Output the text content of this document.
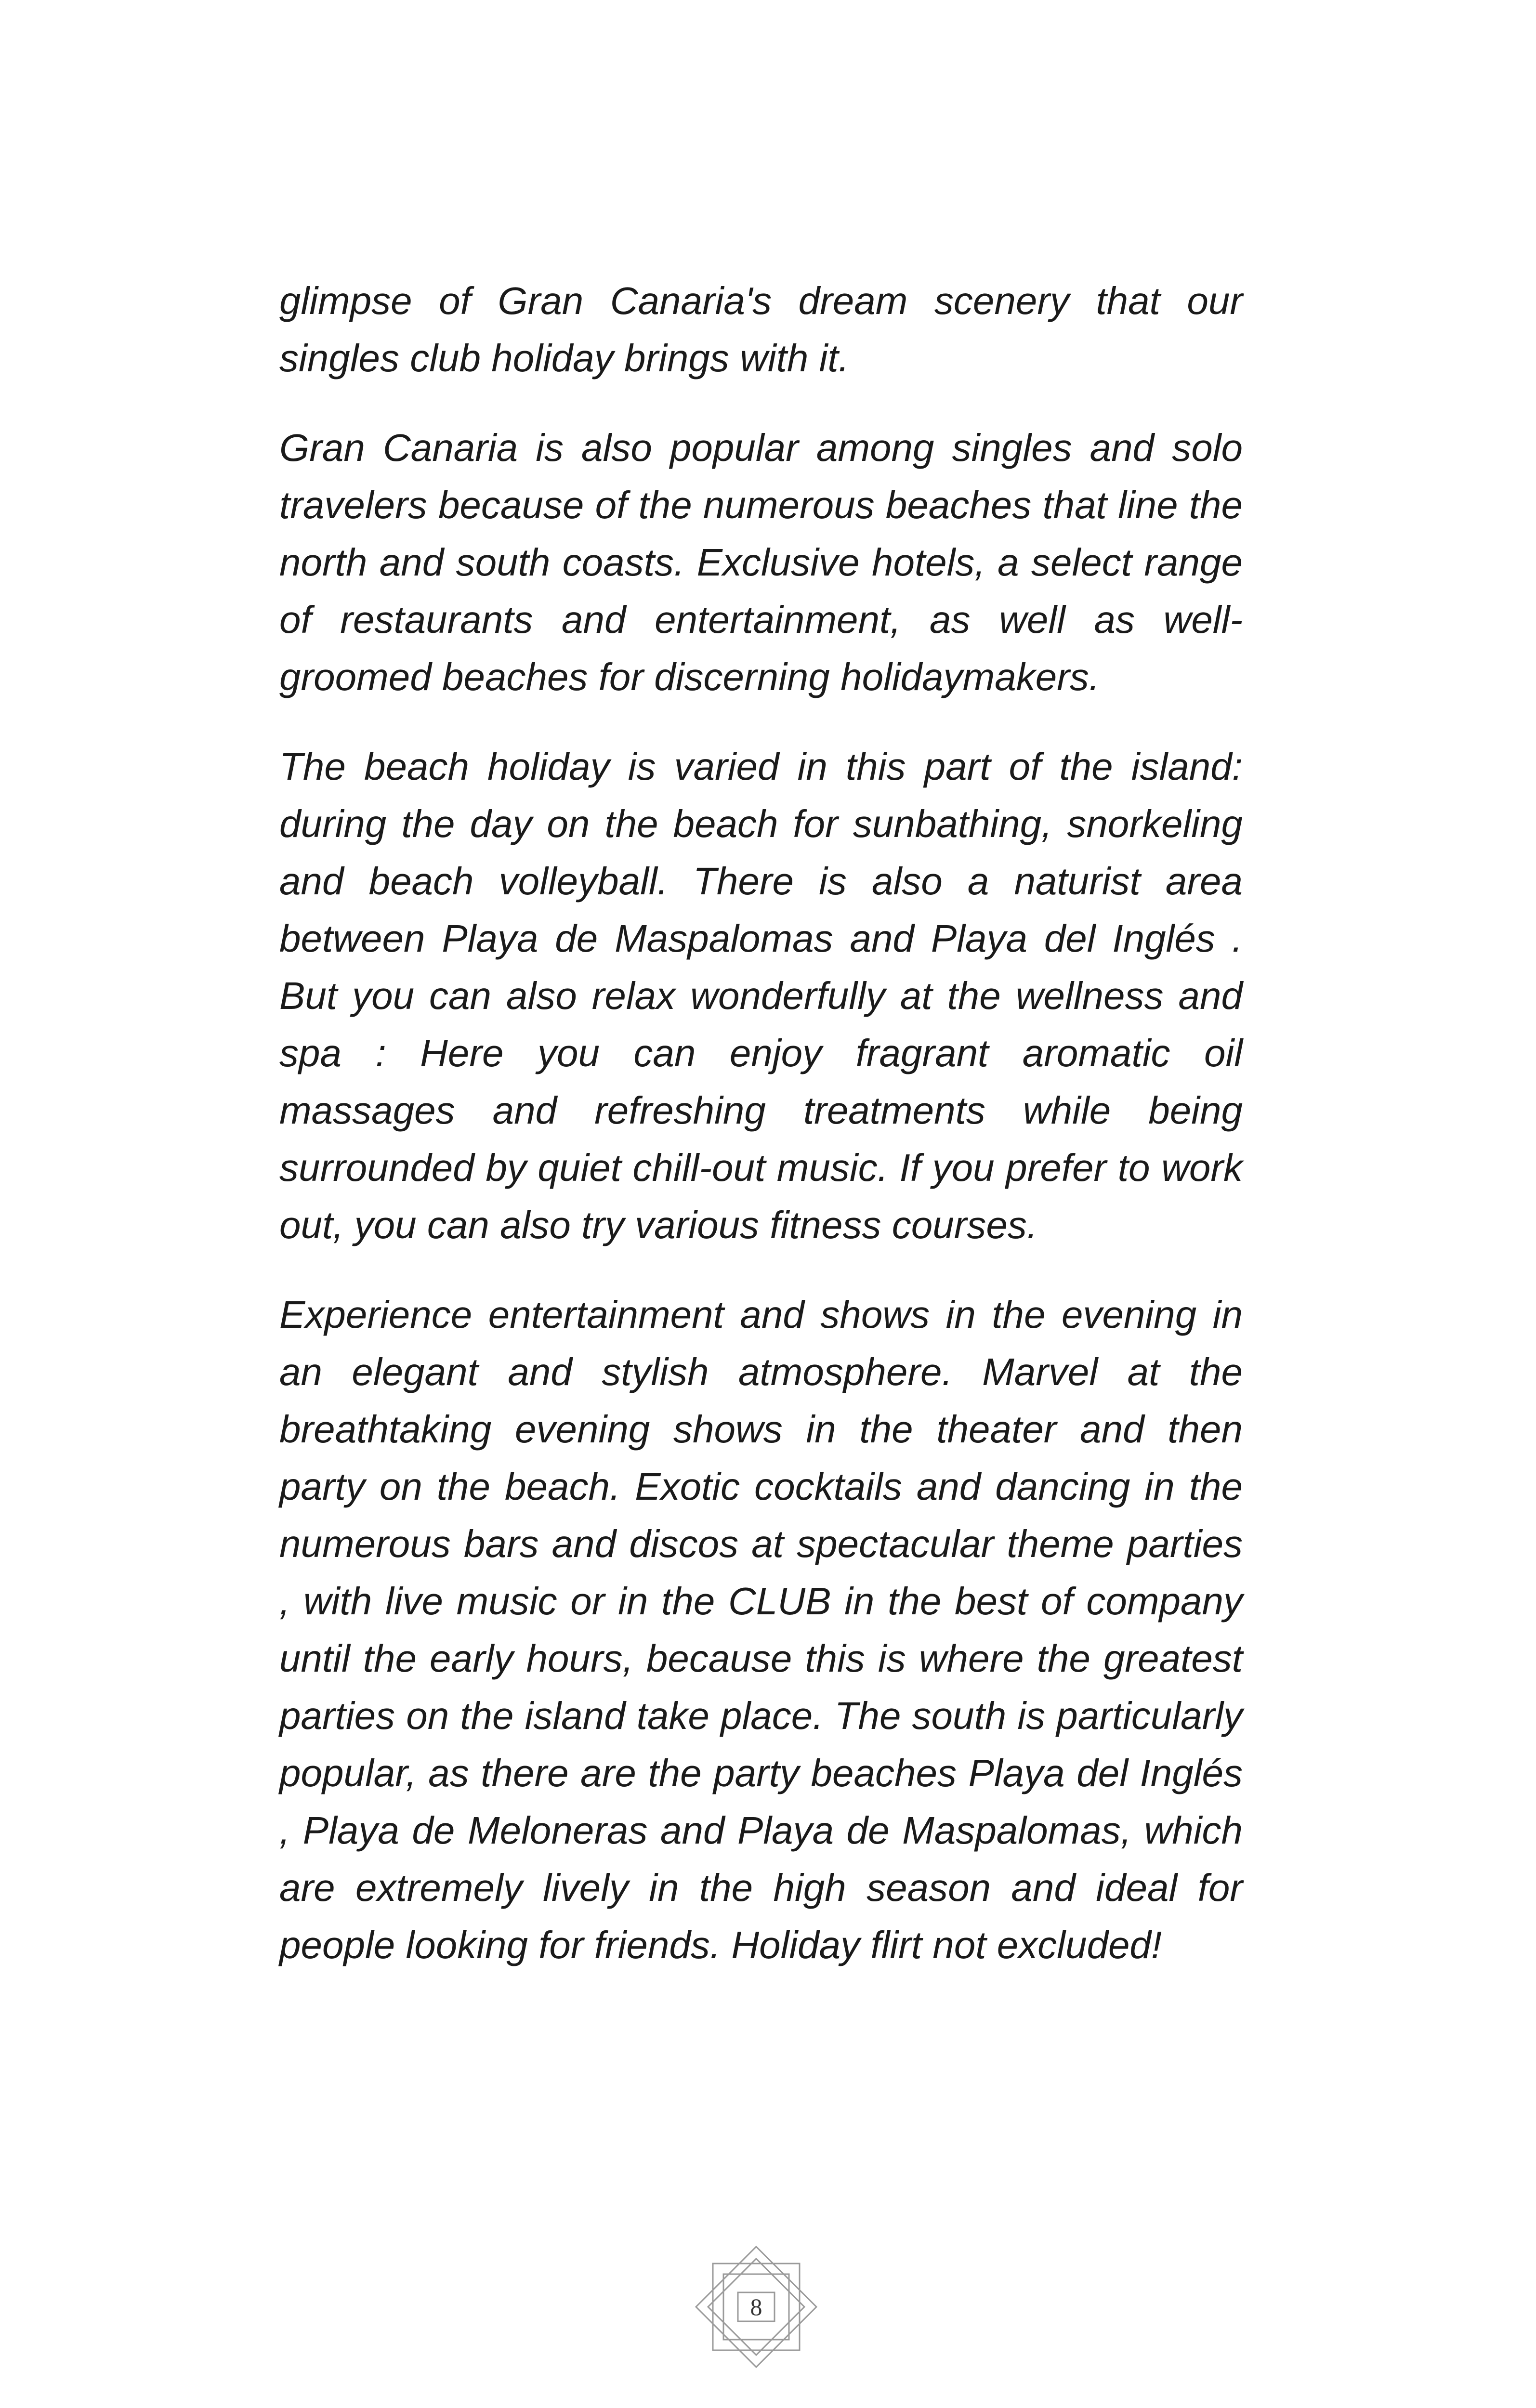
glimpse of Gran Canaria's dream scenery that our singles club holiday brings with it.

Gran Canaria is also popular among singles and solo travelers because of the numerous beaches that line the north and south coasts. Exclusive hotels, a select range of restaurants and entertainment, as well as well-groomed beaches for discerning holidaymakers.

The beach holiday is varied in this part of the island: during the day on the beach for sunbathing, snorkeling and beach volleyball. There is also a naturist area between Playa de Maspalomas and Playa del Inglés . But you can also relax wonderfully at the wellness and spa : Here you can enjoy fragrant aromatic oil massages and refreshing treatments while being surrounded by quiet chill-out music. If you prefer to work out, you can also try various fitness courses.

Experience entertainment and shows in the evening in an elegant and stylish atmosphere. Marvel at the breathtaking evening shows in the theater and then party on the beach. Exotic cocktails and dancing in the numerous bars and discos at spectacular theme parties , with live music or in the CLUB in the best of company until the early hours, because this is where the greatest parties on the island take place. The south is particularly popular, as there are the party beaches Playa del Inglés , Playa de Meloneras and Playa de Maspalomas, which are extremely lively in the high season and ideal for people looking for friends. Holiday flirt not excluded!

8
